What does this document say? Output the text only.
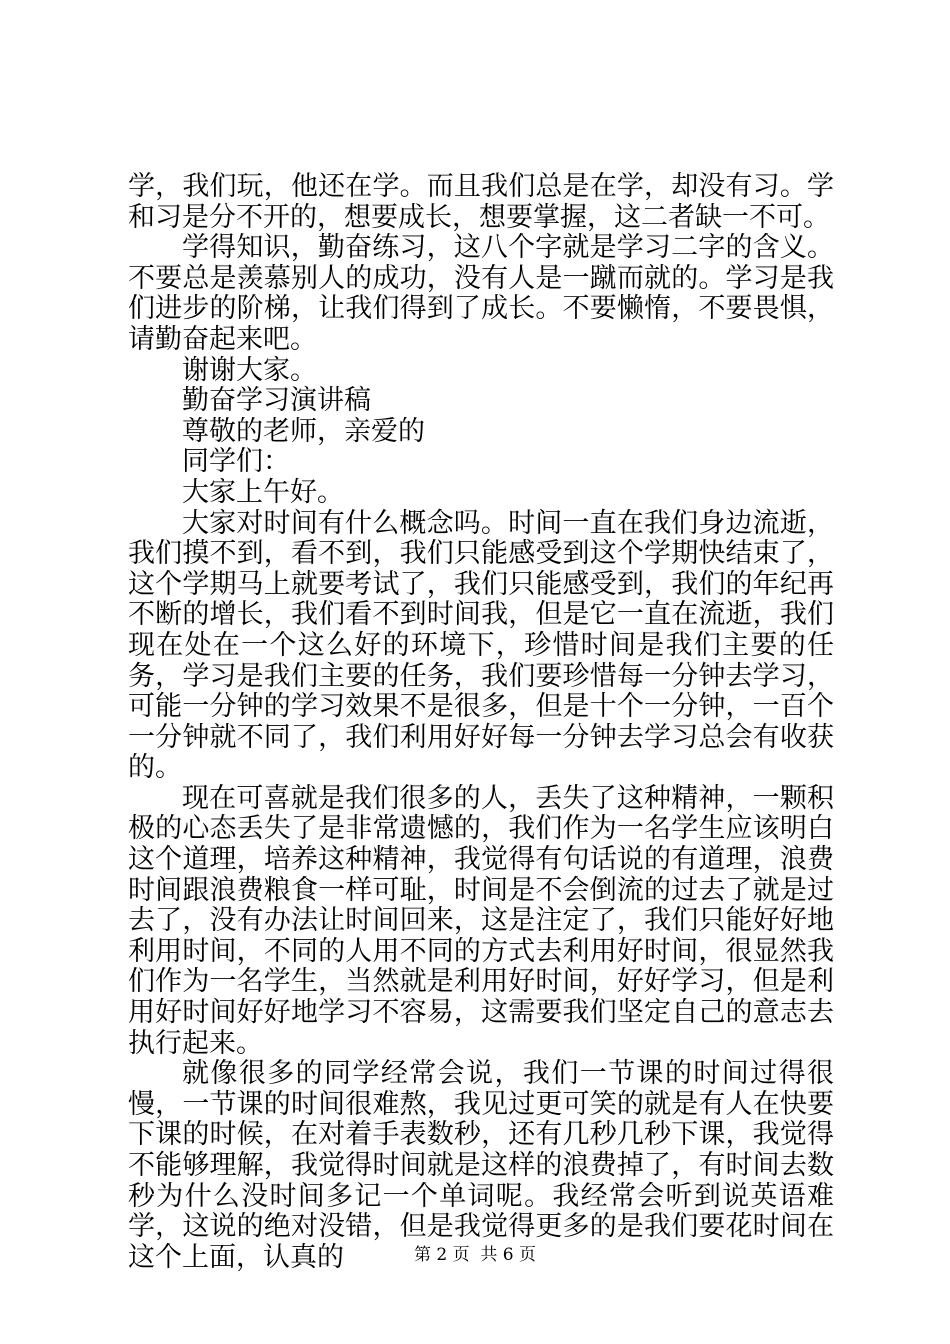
学，我们玩，他还在学。而且我们总是在学，却没有习。学和习是分不开的，想要成长，想要掌握，这二者缺一不可。

学得知识，勤奋练习，这八个字就是学习二字的含义。不要总是羡慕别人的成功，没有人是一蹴而就的。学习是我们进步的阶梯，让我们得到了成长。不要懒惰，不要畏惧，请勤奋起来吧。

谢谢大家。

勤奋学习演讲稿

尊敬的老师，亲爱的

同学们：

大家上午好。

大家对时间有什么概念吗。时间一直在我们身边流逝，我们摸不到，看不到，我们只能感受到这个学期快结束了，这个学期马上就要考试了，我们只能感受到，我们的年纪再不断的增长，我们看不到时间我，但是它一直在流逝，我们现在处在一个这么好的环境下，珍惜时间是我们主要的任务，学习是我们主要的任务，我们要珍惜每一分钟去学习，可能一分钟的学习效果不是很多，但是十个一分钟，一百个一分钟就不同了，我们利用好好每一分钟去学习总会有收获的。

现在可喜就是我们很多的人，丢失了这种精神，一颗积极的心态丢失了是非常遗憾的，我们作为一名学生应该明白这个道理，培养这种精神，我觉得有句话说的有道理，浪费时间跟浪费粮食一样可耻，时间是不会倒流的过去了就是过去了，没有办法让时间回来，这是注定了，我们只能好好地利用时间，不同的人用不同的方式去利用好时间，很显然我们作为一名学生，当然就是利用好时间，好好学习，但是利用好时间好好地学习不容易，这需要我们坚定自己的意志去执行起来。

就像很多的同学经常会说，我们一节课的时间过得很慢，一节课的时间很难熬，我见过更可笑的就是有人在快要下课的时候，在对着手表数秒，还有几秒几秒下课，我觉得不能够理解，我觉得时间就是这样的浪费掉了，有时间去数秒为什么没时间多记一个单词呢。我经常会听到说英语难学，这说的绝对没错，但是我觉得更多的是我们要花时间在这个上面，认真的	第 2 页 共 6 页
